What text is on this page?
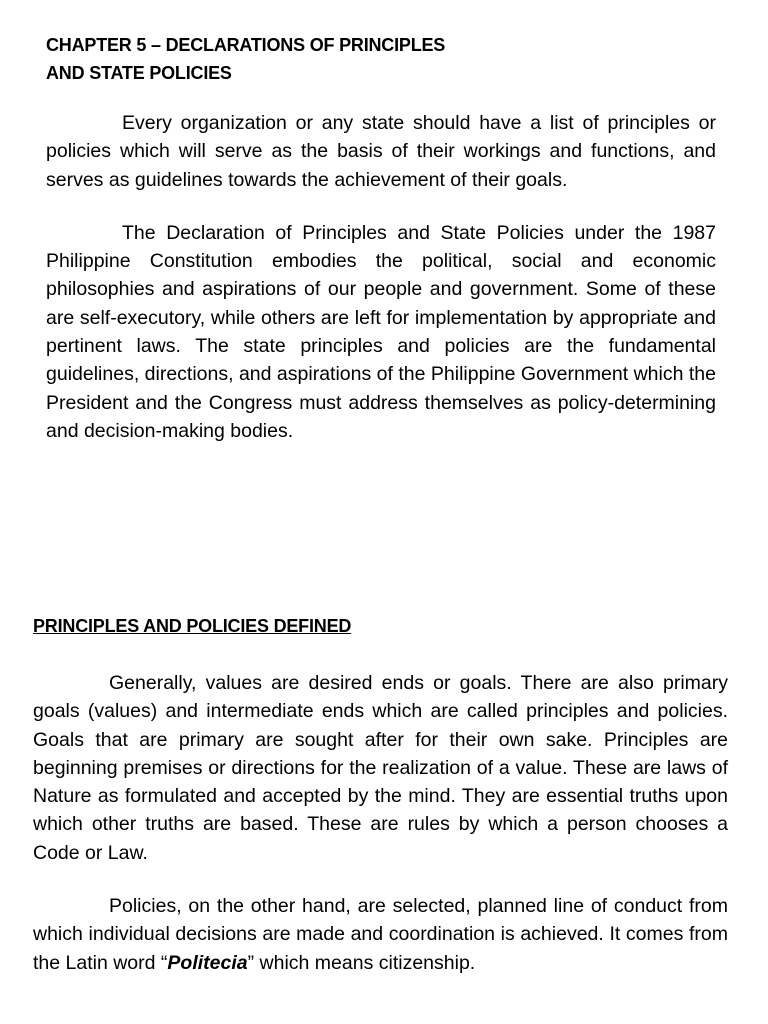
CHAPTER 5 – DECLARATIONS OF PRINCIPLES
AND STATE POLICIES

Every organization or any state should have a list of principles or policies which will serve as the basis of their workings and functions, and serves as guidelines towards the achievement of their goals.

The Declaration of Principles and State Policies under the 1987 Philippine Constitution embodies the political, social and economic philosophies and aspirations of our people and government. Some of these are self-executory, while others are left for implementation by appropriate and pertinent laws. The state principles and policies are the fundamental guidelines, directions, and aspirations of the Philippine Government which the President and the Congress must address themselves as policy-determining and decision-making bodies.

PRINCIPLES AND POLICIES DEFINED

Generally, values are desired ends or goals. There are also primary goals (values) and intermediate ends which are called principles and policies. Goals that are primary are sought after for their own sake. Principles are beginning premises or directions for the realization of a value. These are laws of Nature as formulated and accepted by the mind. They are essential truths upon which other truths are based. These are rules by which a person chooses a Code or Law.

Policies, on the other hand, are selected, planned line of conduct from which individual decisions are made and coordination is achieved. It comes from the Latin word “Politecia” which means citizenship.
